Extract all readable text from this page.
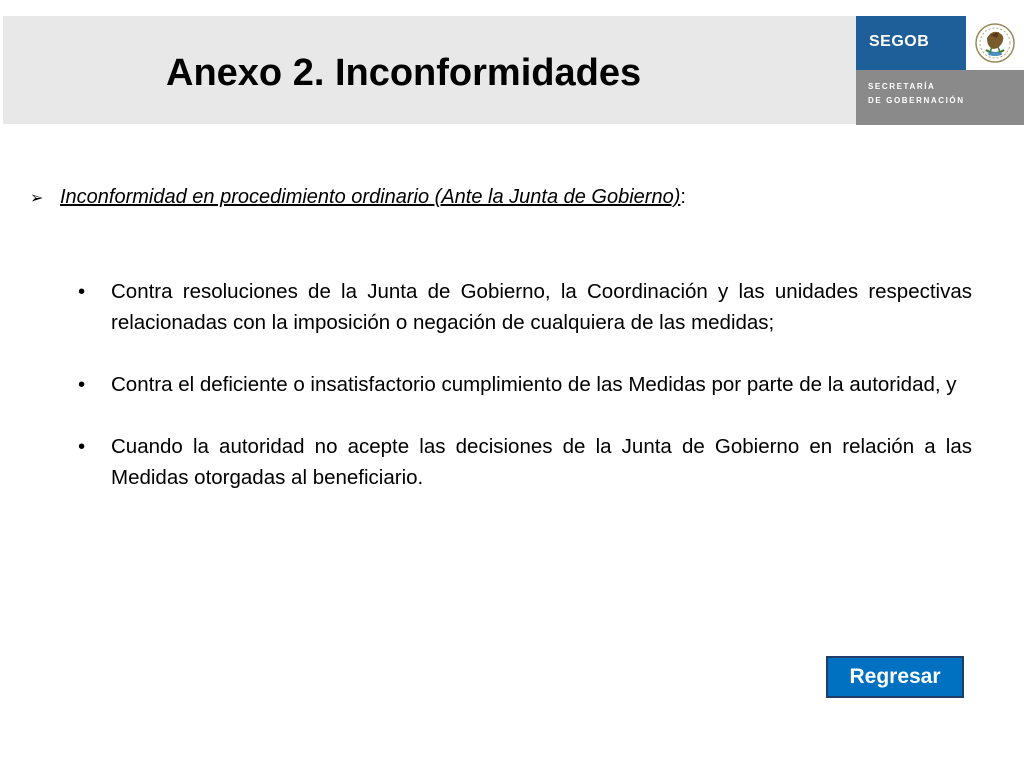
Anexo 2. Inconformidades
SEGOB
SECRETARÍA
DE GOBERNACIÓN
➢ Inconformidad en procedimiento ordinario (Ante la Junta de Gobierno):
• Contra resoluciones de la Junta de Gobierno, la Coordinación y las unidades respectivas relacionadas con la imposición o negación de cualquiera de las medidas;
• Contra el deficiente o insatisfactorio cumplimiento de las Medidas por parte de la autoridad, y
• Cuando la autoridad no acepte las decisiones de la Junta de Gobierno en relación a las Medidas otorgadas al beneficiario.
Regresar
